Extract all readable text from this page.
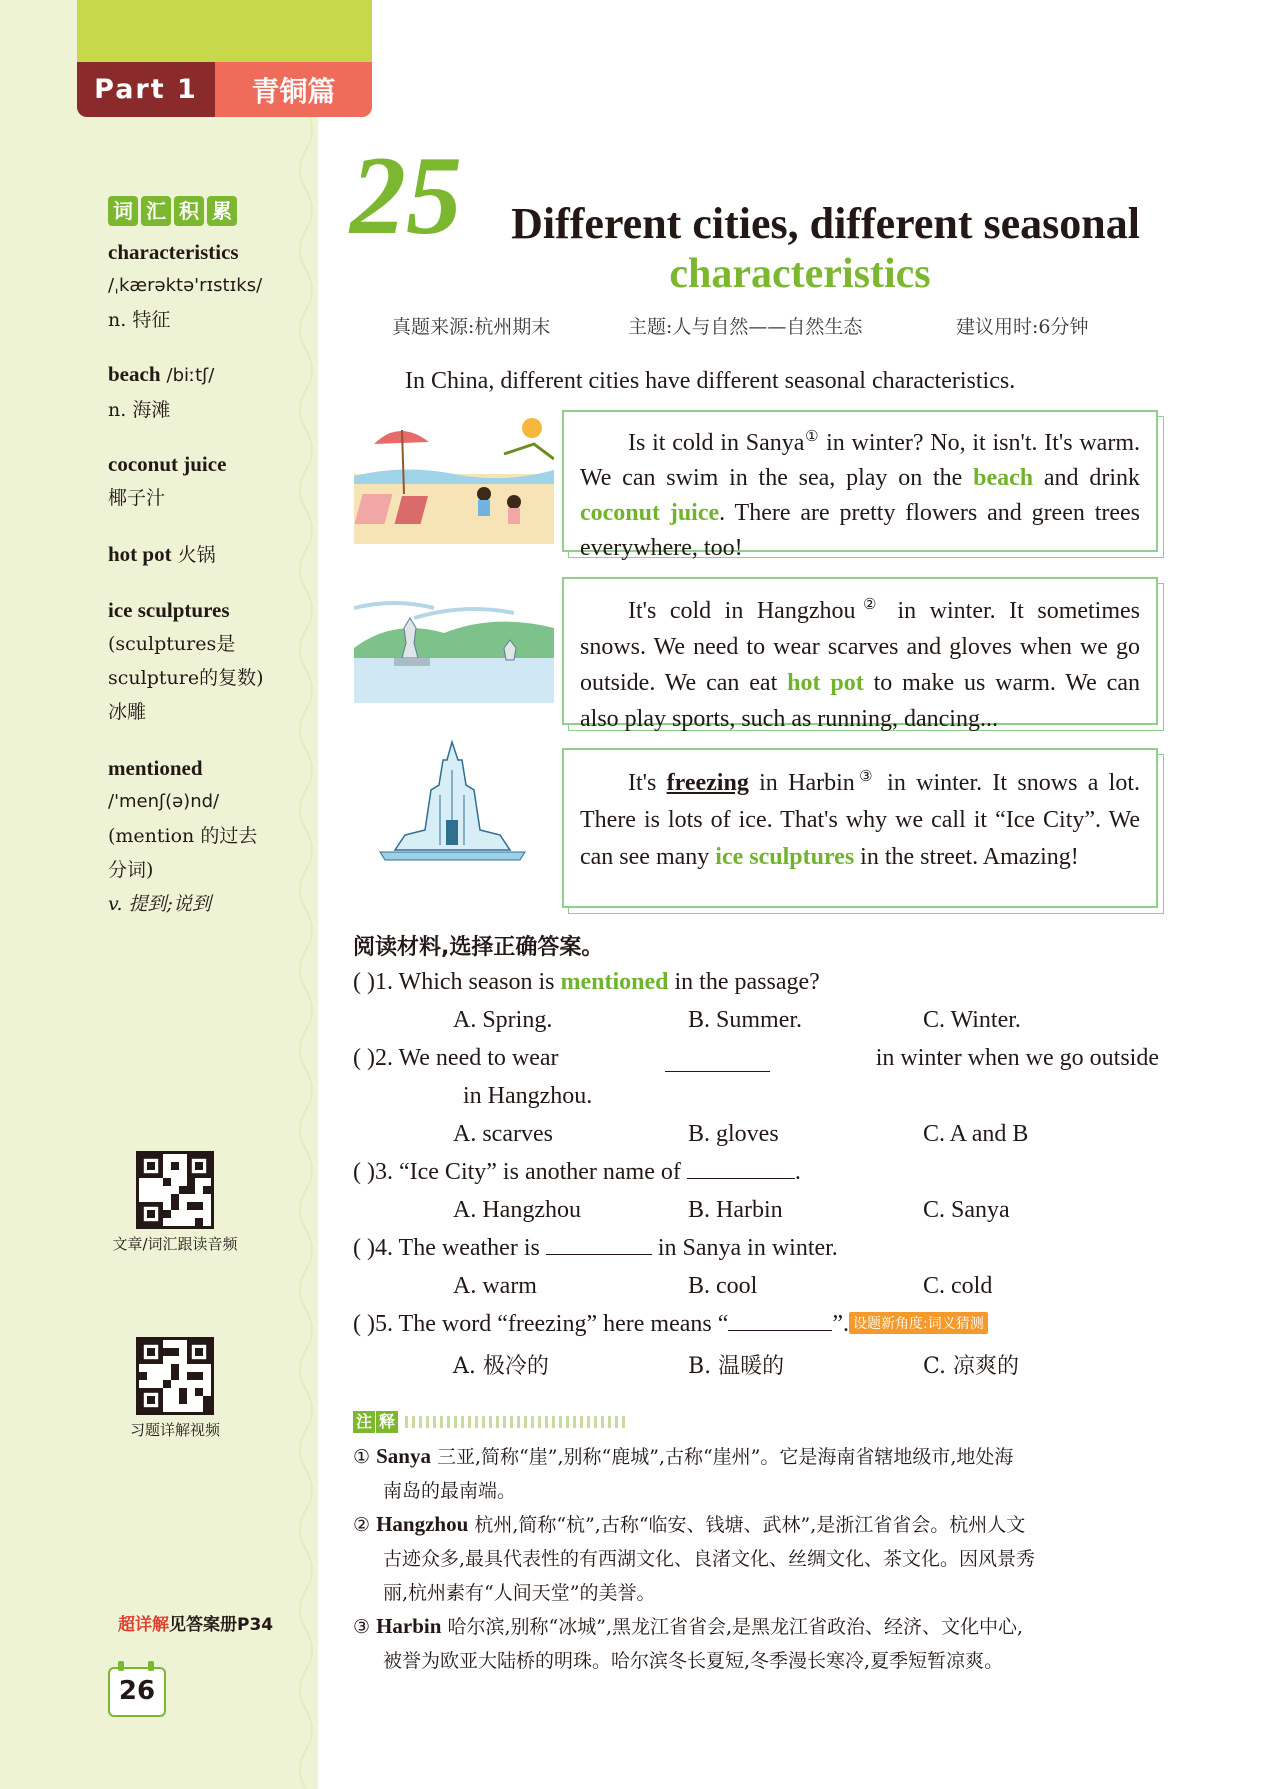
Part 1	青铜篇
词 汇 积 累
characteristics
/ˌkærəktə'rɪstɪks/
n. 特征
beach /biːtʃ/
n. 海滩
coconut juice
椰子汁
hot pot 火锅
ice sculptures
(sculptures是
sculpture的复数)
冰雕
mentioned
/'menʃ(ə)nd/
(mention 的过去
分词)
v. 提到;说到
文章/词汇跟读音频
习题详解视频
超详解见答案册P34
26
25	Different cities, different seasonal
characteristics
真题来源:杭州期末	主题:人与自然——自然生态	建议用时:6分钟
In China, different cities have different seasonal characteristics.

Is it cold in Sanya① in winter? No, it isn't. It's warm. We can swim in the sea, play on the beach and drink coconut juice. There are pretty flowers and green trees everywhere, too!

It's cold in Hangzhou② in winter. It sometimes snows. We need to wear scarves and gloves when we go outside. We can eat hot pot to make us warm. We can also play sports, such as running, dancing...

It's freezing in Harbin③ in winter. It snows a lot. There is lots of ice. That's why we call it “Ice City”. We can see many ice sculptures in the street. Amazing!

阅读材料,选择正确答案。
( )1. Which season is mentioned in the passage?
A. Spring.	B. Summer.	C. Winter.
( )2. We need to wear	in winter when we go outside
in Hangzhou.
A. scarves	B. gloves	C. A and B
( )3. “Ice City” is another name of	.
A. Hangzhou	B. Harbin	C. Sanya
( )4. The weather is	in Sanya in winter.
A. warm	B. cool	C. cold
( )5. The word “freezing” here means “	”. 设题新角度:词义猜测
A. 极冷的	B. 温暖的	C. 凉爽的
注 释
① Sanya 三亚,简称“崖”,别称“鹿城”,古称“崖州”。它是海南省辖地级市,地处海
南岛的最南端。
② Hangzhou 杭州,简称“杭”,古称“临安、钱塘、武林”,是浙江省省会。杭州人文
古迹众多,最具代表性的有西湖文化、良渚文化、丝绸文化、茶文化。因风景秀
丽,杭州素有“人间天堂”的美誉。
③ Harbin 哈尔滨,别称“冰城”,黑龙江省省会,是黑龙江省政治、经济、文化中心,
被誉为欧亚大陆桥的明珠。哈尔滨冬长夏短,冬季漫长寒冷,夏季短暂凉爽。
